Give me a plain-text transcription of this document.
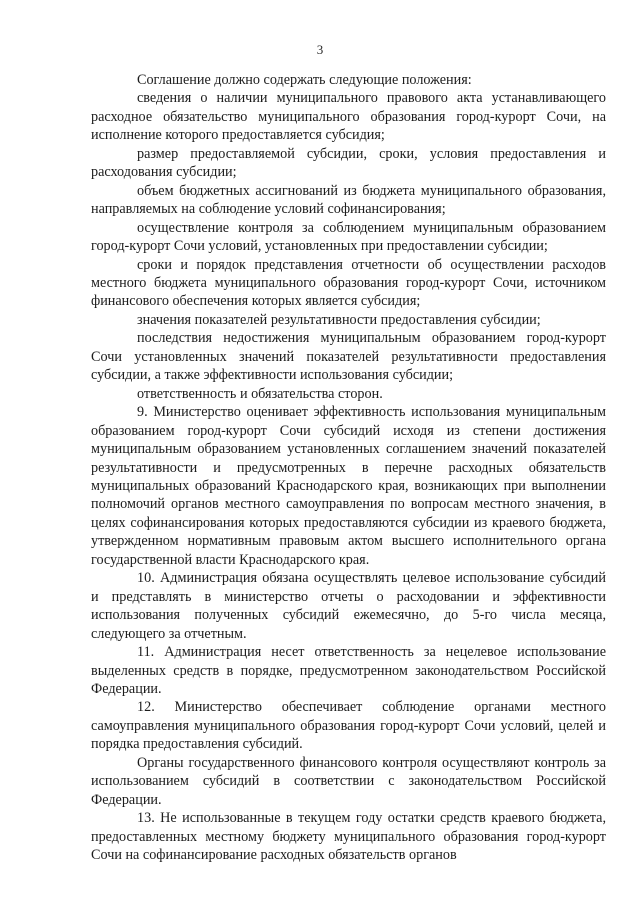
3

Соглашение должно содержать следующие положения:

сведения о наличии муниципального правового акта устанавливающего расходное обязательство муниципального образования город-курорт Сочи, на исполнение которого предоставляется субсидия;

размер предоставляемой субсидии, сроки, условия предоставления и расходования субсидии;

объем бюджетных ассигнований из бюджета муниципального образования, направляемых на соблюдение условий софинансирования;

осуществление контроля за соблюдением муниципальным образованием город-курорт Сочи условий, установленных при предоставлении субсидии;

сроки и порядок представления отчетности об осуществлении расходов местного бюджета муниципального образования город-курорт Сочи, источником финансового обеспечения которых является субсидия;

значения показателей результативности предоставления субсидии;

последствия недостижения муниципальным образованием город-курорт Сочи установленных значений показателей результативности предоставления субсидии, а также эффективности использования субсидии;

ответственность и обязательства сторон.

9. Министерство оценивает эффективность использования муниципальным образованием город-курорт Сочи субсидий исходя из степени достижения муниципальным образованием установленных соглашением значений показателей результативности и предусмотренных в перечне расходных обязательств муниципальных образований Краснодарского края, возникающих при выполнении полномочий органов местного самоуправления по вопросам местного значения, в целях софинансирования которых предоставляются субсидии из краевого бюджета, утвержденном нормативным правовым актом высшего исполнительного органа государственной власти Краснодарского края.

10. Администрация обязана осуществлять целевое использование субсидий и представлять в министерство отчеты о расходовании и эффективности использования полученных субсидий ежемесячно, до 5-го числа месяца, следующего за отчетным.

11. Администрация несет ответственность за нецелевое использование выделенных средств в порядке, предусмотренном законодательством Российской Федерации.

12. Министерство обеспечивает соблюдение органами местного самоуправления муниципального образования город-курорт Сочи условий, целей и порядка предоставления субсидий.

Органы государственного финансового контроля осуществляют контроль за использованием субсидий в соответствии с законодательством Российской Федерации.

13. Не использованные в текущем году остатки средств краевого бюджета, предоставленных местному бюджету муниципального образования город-курорт Сочи на софинансирование расходных обязательств органов
